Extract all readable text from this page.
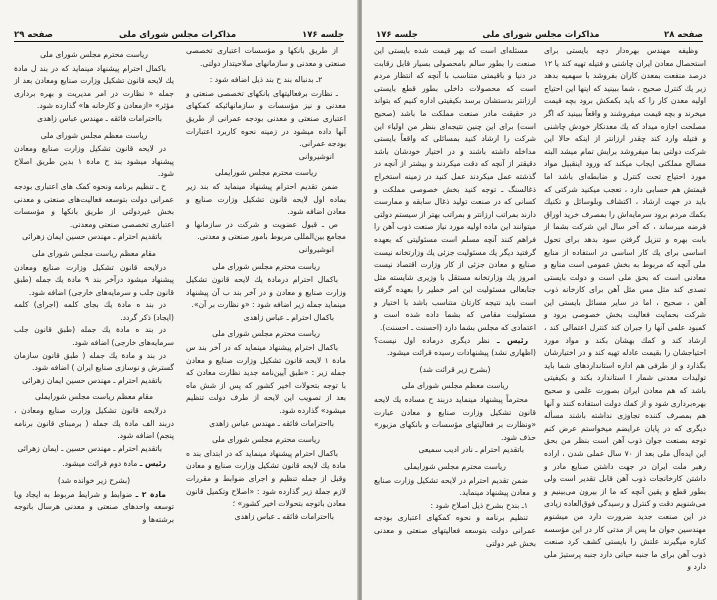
صفحه ۲۹	مذاکرات مجلس شورای ملی	جلسه ۱۷۶
از طریق بانکها و مؤسسات اعتباری تخصصی صنعتی و معدنی و سازمانهای صلاحیتدار دولتی.
۲ـ بدنباله بند ح بند ذیل اضافه شود :
ـ نظارت برفعالیتهای بانکهای تخصصی صنعتی و معدنی و نیز مؤسسات و سازمانهائیکه کمکهای اعتباری صنعتی و معدنی بودجه عمرانی از طریق آنها داده میشود در زمینه نحوه کاربرد اعتبارات بودجه عمرانی.
انوشیروانی
ریاست محترم مجلس شورایملی
ضمن تقدیم احترام پیشنهاد مینماید که بند زیر بماده اول لایحه قانون تشکیل وزارت صنایع و معادن اضافه شود.
ص ـ قبول عضویت و شرکت در سازمانها و مجامع بین‌المللی مربوط بامور صنعتی و معدنی.
انوشیروانی
ریاست محترم مجلس شورای ملی
باکمال احترام درمادة یك لایحه قانون تشکیل وزارت صنایع و معادن و در آخر بند ب آن پیشنهاد مینماید جمله زیر اضافه شود : «و نظارت بر آن».
باکمال احترام ـ عباس زاهدی
ریاست محترم مجلس شورای ملی
باکمال احترام پیشنهاد مینماید که در آخر بند س مادة ۱ لایحه قانون تشکیل وزارت صنایع و معادن جمله زیر : «طبق آیین‌نامه جدید نظارت معادن که با توجه بتحولات اخیر کشور که پس از شش ماه بعد از تصویب این لایحه از طرف دولت تنظیم میشود» گذارده شود.
بااحترامات فائقه ـ مهندس عباس زاهدی
ریاست محترم مجلس شورای ملی
باکمال احترام پیشنهاد مینماید که در ابتدای بند ه مادة یك لایحه قانون تشکیل وزارت صنایع و معادن وقبل از جمله تنظیم و اجرای ضوابط و مقررات لازم جملة زیر گذارده شود : «اصلاح وتکمیل قانون معادن باتوجه بتحولات اخیر کشور» ؛
بااحترامات فائقه ـ عباس زاهدی
ریاست محترم مجلس شورای ملی
باکمال احترام پیشنهاد مینماید که در بند ل مادة یك لایحه قانون تشکیل وزارت صنایع ومعادن بعد از جمله « نظارت در امر مدیریت و بهره برداری مؤثر» «ازمعادن و کارخانه ها» گذارده شود.
بااحترامات فائقه ـ مهندس عباس زاهدی
ریاست معظم مجلس شورای ملی
در لایحه قانون تشکیل وزارت صنایع ومعادن پیشنهاد میشود بند ح مادة ۱ بدین طریق اصلاح شود.
ح ـ تنظیم برنامه ونحوه کمک های اعتباری بودجه عمرانی دولت بتوسعه فعالیت‌های صنعتی و معدنی بخش غیردولتی از طریق بانکها و مؤسسات اعتباری تخصصی صنعتی ومعدنی.
باتقدیم احترام ـ مهندس حسین ایمان زهرائی
مقام معظم ریاست مجلس شورای ملی
درلایحه قانون تشکیل وزارت صنایع ومعادن پیشنهاد میشود درآخر بند ۹ مادة یك جمله (طبق قانون جلب و سرمایه‌های خارجی) اضافه شود.
در بند ه مادة یك بجای کلمه (اجرای) کلمه (ایجاد) ذکر گردد.
در بند ه مادة یك جمله (طبق قانون جلب سرمایه‌های خارجی) اضافه شود.
در بند و مادة یك جمله ( طبق قانون سازمان گسترش و نوسازی صنایع ایران ) اضافه شود.
باتقدیم احترام ـ مهندس حسین ایمان زهرائی
مقام معظم ریاست مجلس شورایملی
درلایحه قانون تشکیل وزارت صنایع ومعادن ، دربند الف مادة یك جمله ( برمبنای قانون برنامه پنجم) اضافه شود.
باتقدیم احترام ـ مهندس حسین ـ ایمان زهرائی
رئیس ـ مادة دوم قرائت میشود.
(بشرح زیر خوانده شد)
مادة ۲ ـ ضوابط و شرایط مربوط به ایجاد ویا توسعه واحدهای صنعتی و معدنی هرسال باتوجه برشته‌ها و
جلسه ۱۷۶	مذاکرات مجلس شورای ملی	صفحه ۲۸
وظیفه مهندس بهره‌دار دچه بایستی برای استحصال معادن ایران چاشنی و فتیله تهیه کند یا ۱۲ درصد منفعت بمعدن کاران بفروشد با سهمیه بدهد زیر یك کنترل صحیح ، شما ببینید که اینها این احتیاج اولیه معدن کار را که باید بکمکش برود بچه قیمت میخرند و بچه قیمت میفروشند و واقعاً ببینید که اگر مصلحت اجازه میداد که یك معدنکار خودش چاشنی و فتیله وارد کند چقدر ارزانتر از اینکه حالا این شرکت دولتی بما میفروشد برایش تمام میشد البته مصالح مملکتی ایجاب میکند که ورود اینقبیل مواد مورد احتیاج تحت کنترل و ضابطه‌ای باشد اما قیمتش هم حسابی دارد ، تعجب میکنید شرکتی که باید در جهت ارشاد ، اکتشاف وبلوسائل و تکنیك بکمك مردم برود سرمایه‌اش را بمصرف خرید اوراق قرضه میرساند ، که آخر سال این شرکت بشما از بابت بهره و تنزیل گرفتن سود بدهد برای تحول اساسی برای یك کار اساسی در استفاده از منابع ملی آنچه که مربوط به بخش عمومی است منابع و معادنی است که بحق ملی است و دولت بایستی تصدی کند مثل مس مثل آهن برای کارخانه ذوب آهن ، صحیح ، اما در سایر مسائل بایستی این شرکت بحمایت فعالیت بخش خصوصی برود و کمبود علمی آنها را جبران کند کنترل اعتمالی کند ، ارشاد کند و کمك بهشان بکند و مواد مورد احتیاجشان را بقیمت عادله تهیه کند و در اختیارشان بگذارد و از طرفی هم اداره استانداردهای شما باید تولیدات معدنی شمار ا استاندارد بکند و بکیفیتی باشد که هم معادن ایران بصورت علمی و صحیح بهره‌برداری شود و از کمك دولت استفاده کنند و آنها هم بمصرف کننده تجاوزی نداشته باشند مسأله دیگری که در پایان عرایضم میخواستم عرض کنم توجه بصنعت جوان ذوب آهن است بنظر من بحق این ایده‌آل ملی بعد از ۷۰ سال عملی شدن ، اراده رهبر ملت ایران در جهت داشتن صنایع مادر و داشتن کارخانجات ذوب آهن قابل تقدیر است ولی بطور قطع و یقین آنچه که ما از بیرون می‌بینیم و می‌شنویم دقت و کنترل و رسیدگی فوق‌العاده زیادی در این صنعت جدید ضرورت دارد من میشنوم مهندسین جوان ما پس از مدتی کار در این مؤسسه کناره میگیرند علتش را بایستی کشف کرد صنعت ذوب آهن برای ما جنبه حیاتی دارد جنبه پرستیژ ملی دارد و
مسئله‌ای است که بهر قیمت شده بایستی این صنعت را بطور سالم بامحصولی بسیار قابل رقابت در دنیا و باقیمتی متناسب با آنچه که انتظار مردم است که محصولات داخلی بطور قطع بایستی ارزانتر بدستشان برسد بکیفیتی اداره کنیم که بتواند در حقیقت مادر صنعت مملکت ما باشد (صحیح است) برای این چنین نتیجه‌ای بنظر من اولیاء این شرکت را ارشاد کنید بمسائلی که واقعاً بایستی مداخله داشته باشند و در اختیار خودشان باشد دقیقتر از آنچه که دقت میکردند و بیشتر از آنچه در گذشته عمل میکردند عمل کنید در زمینه استخراج ذغالسنگ ـ توجه کنید بخش خصوصی مملکت و کسانی که در صنعت تولید ذغال سابقه و ممارست دارند بمراتب ارزانتر و بمراتب بهتر از سیستم دولتی میتوانند این ماده اولیه مورد نیاز صنعت ذوب آهن را فراهم کنند آنچه مسلم است مسئولیتی که بعهده گرفتید دیگر یك مسئولیت جزئی یك وزارتخانه نیست صنایع و معادن جزئی از کار وزارت اقتصاد نیست امروز یك وزارتخانه مستقل با وزیری شایسته مثل جنابعالی مسئولیت این امر خطیر را بعهده گرفته است باید نتیجه کارتان متناسب باشد با اختیار و مسئولیت مقامی که بشما داده شده است و اعتمادی که مجلس بشما دارد (احسنت ـ احسنت).
رئیس ـ نظر دیگری درماده اول نیست؟ (اظهاری نشد) پیشنهادات رسیده قرائت میشود.
(بشرح زیر قرائت شد)
ریاست معظم مجلس شورای ملی
محترماً پیشنهاد مینماید دربند ح مساده یك لایحه قانون تشکیل وزارت صنایع و معادن عبارت «ونظارت بر فعالیتهای مؤسسات و بانکهای مزبور» حذف شود.
باتقدیم احترام ـ نادر ادیب سمیعی
ریاست محترم مجلس شورایملی
ضمن تقدیم احترام در لایحه تشکیل وزارت صنایع و معادن پیشنهاد مینماید.
۱ـ بندح بشرح ذیل اصلاح شود :
تنظیم برنامه و نحوه کمکهای اعتباری بودجه عمرانی دولت بتوسعه فعالیتهای صنعتی و معدنی بخش غیر دولتی
